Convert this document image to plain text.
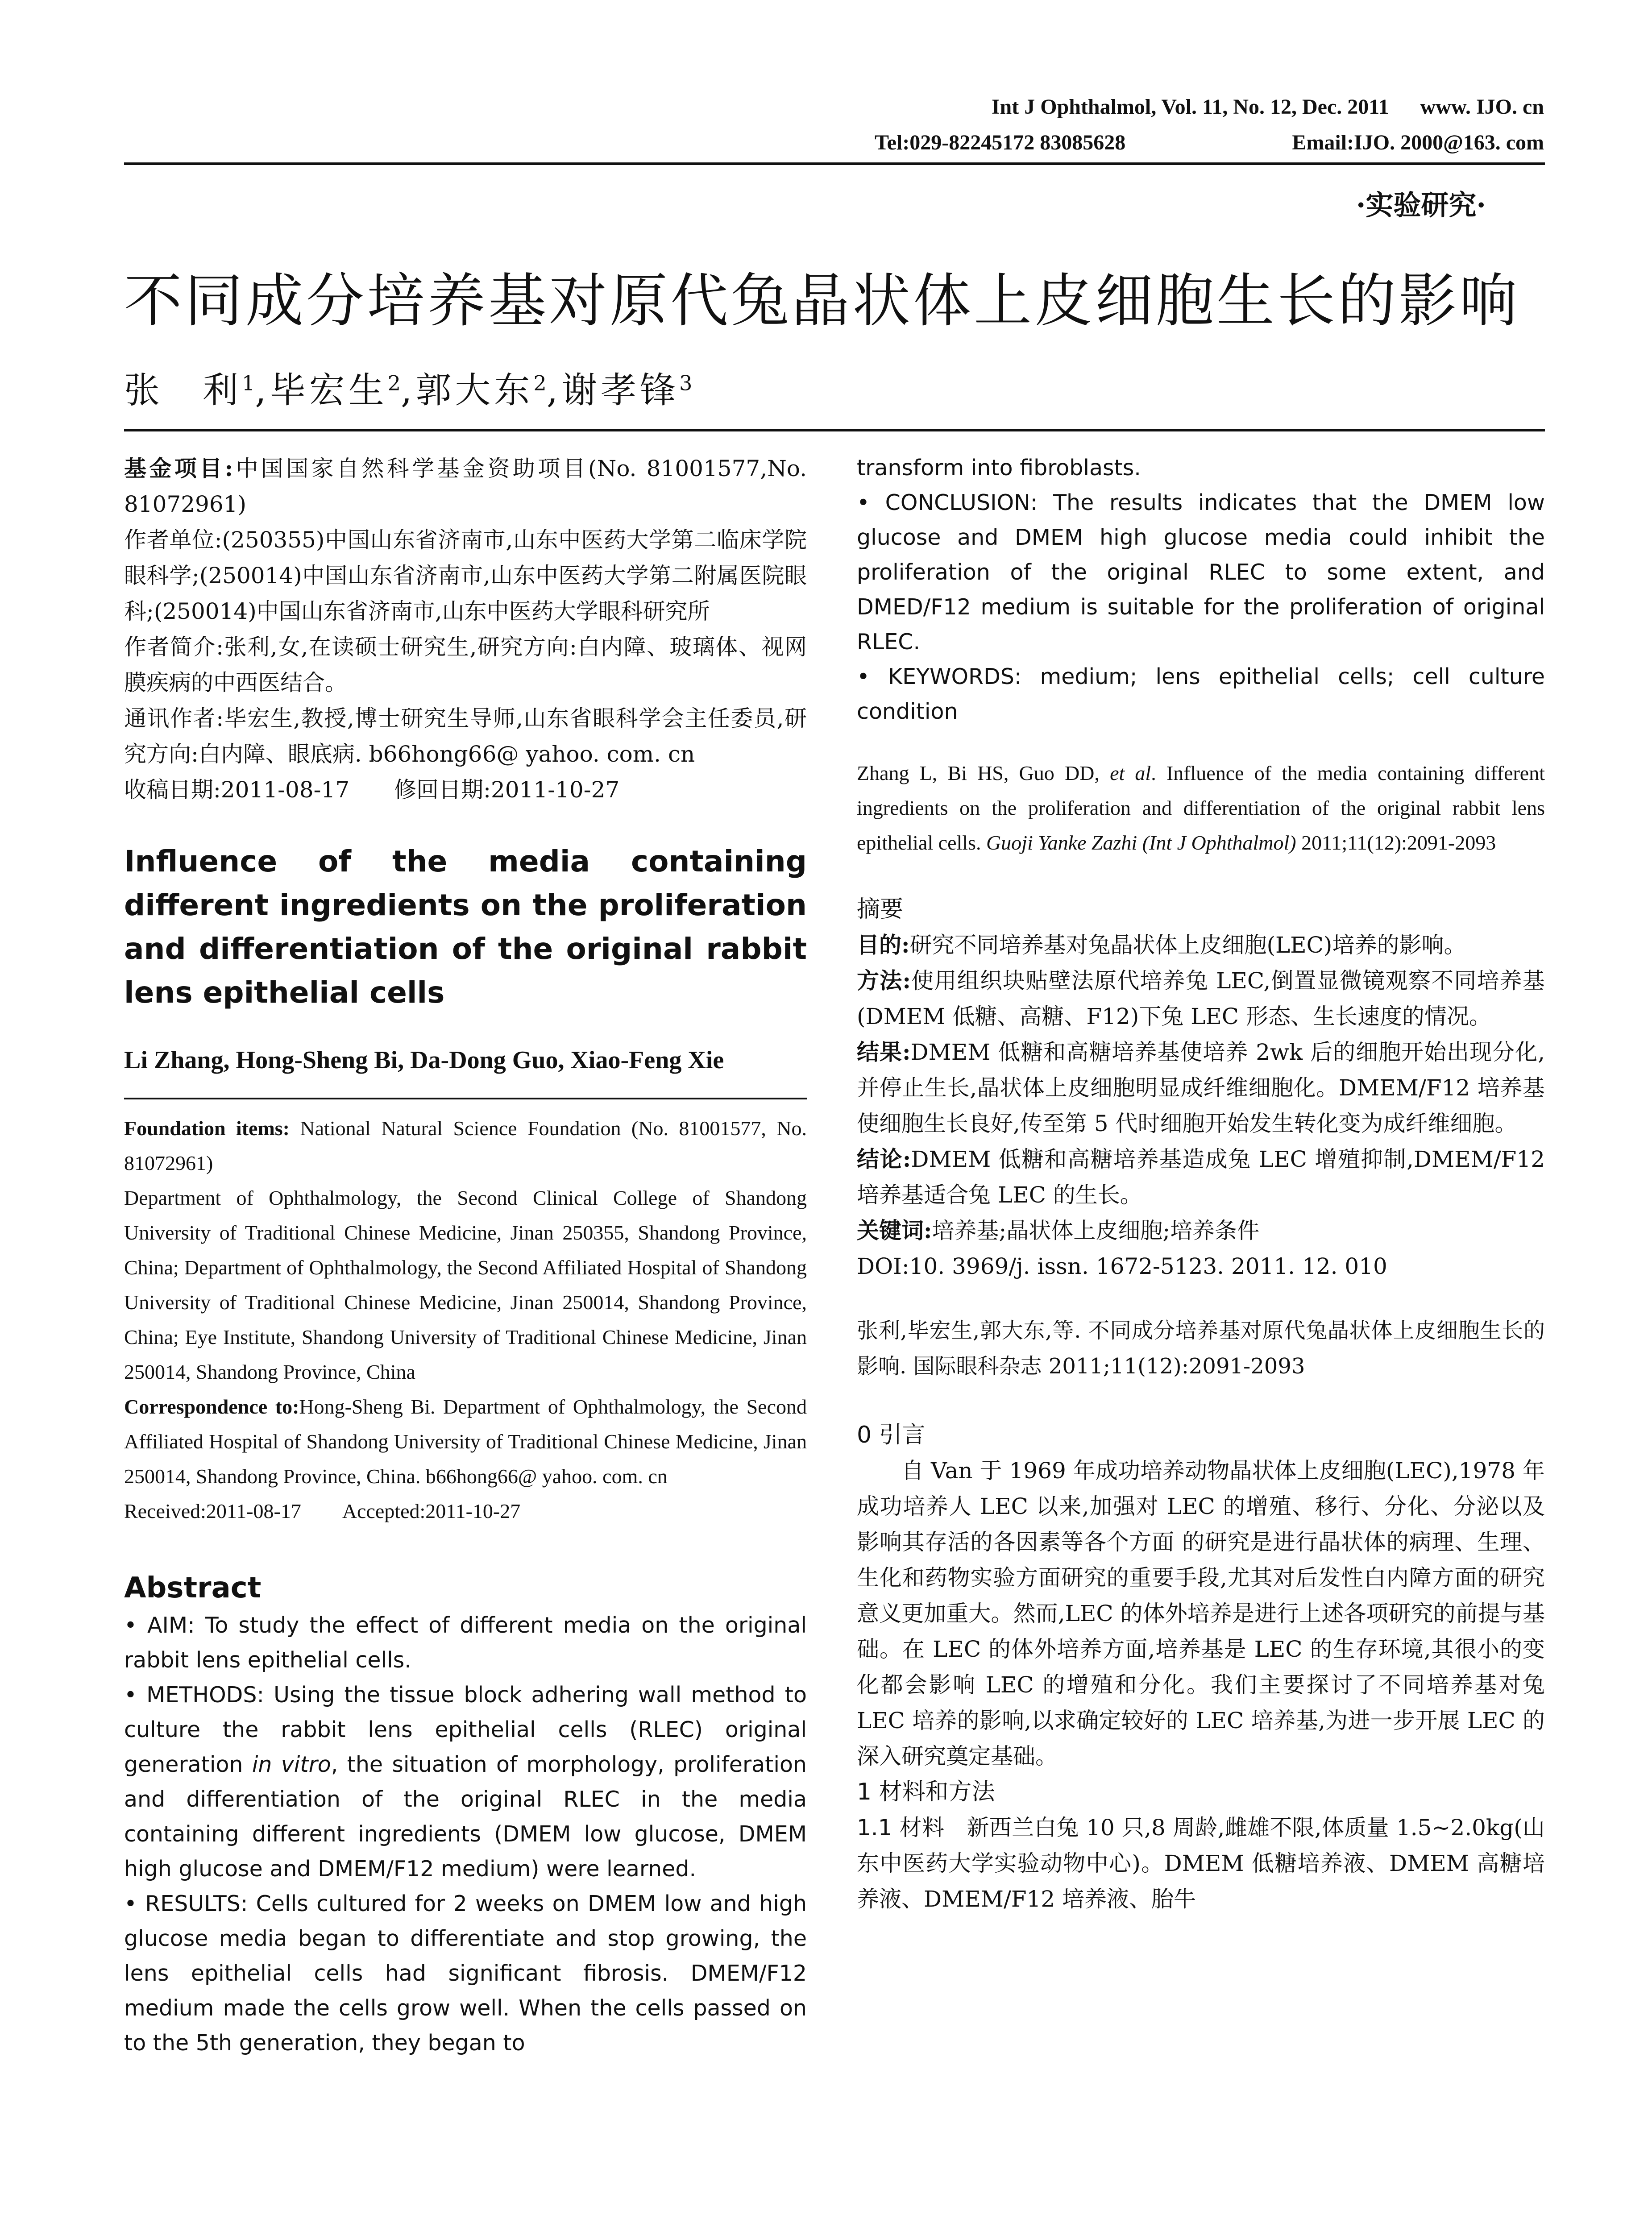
Int J Ophthalmol, Vol. 11, No. 12, Dec. 2011 www. IJO. cn
Tel:029-82245172 83085628	Email:IJO. 2000@163. com
·实验研究·
不同成分培养基对原代兔晶状体上皮细胞生长的影响
张　利$^1$,毕宏生$^2$,郭大东$^2$,谢孝锋$^3$

基金项目:中国国家自然科学基金资助项目(No. 81001577,No. 81072961)

作者单位:(250355)中国山东省济南市,山东中医药大学第二临床学院眼科学;(250014)中国山东省济南市,山东中医药大学第二附属医院眼科;(250014)中国山东省济南市,山东中医药大学眼科研究所

作者简介:张利,女,在读硕士研究生,研究方向:白内障、玻璃体、视网膜疾病的中西医结合。

通讯作者:毕宏生,教授,博士研究生导师,山东省眼科学会主任委员,研究方向:白内障、眼底病. b66hong66@ yahoo. com. cn

收稿日期:2011-08-17　　修回日期:2011-10-27

Influence of the media containing different ingredients on the proliferation and differentiation of the original rabbit lens epithelial cells
Li Zhang, Hong-Sheng Bi, Da-Dong Guo, Xiao-Feng Xie

Foundation items: National Natural Science Foundation (No. 81001577, No. 81072961)

Department of Ophthalmology, the Second Clinical College of Shandong University of Traditional Chinese Medicine, Jinan 250355, Shandong Province, China; Department of Ophthalmology, the Second Affiliated Hospital of Shandong University of Traditional Chinese Medicine, Jinan 250014, Shandong Province, China; Eye Institute, Shandong University of Traditional Chinese Medicine, Jinan 250014, Shandong Province, China

Correspondence to:Hong-Sheng Bi. Department of Ophthalmology, the Second Affiliated Hospital of Shandong University of Traditional Chinese Medicine, Jinan 250014, Shandong Province, China. b66hong66@ yahoo. com. cn

Received:2011-08-17　　Accepted:2011-10-27

Abstract

• AIM: To study the effect of different media on the original rabbit lens epithelial cells.

• METHODS: Using the tissue block adhering wall method to culture the rabbit lens epithelial cells (RLEC) original generation in vitro, the situation of morphology, proliferation and differentiation of the original RLEC in the media containing different ingredients (DMEM low glucose, DMEM high glucose and DMEM/F12 medium) were learned.

• RESULTS: Cells cultured for 2 weeks on DMEM low and high glucose media began to differentiate and stop growing, the lens epithelial cells had significant fibrosis. DMEM/F12 medium made the cells grow well. When the cells passed on to the 5th generation, they began to

transform into fibroblasts.

• CONCLUSION: The results indicates that the DMEM low glucose and DMEM high glucose media could inhibit the proliferation of the original RLEC to some extent, and DMED/F12 medium is suitable for the proliferation of original RLEC.

• KEYWORDS: medium; lens epithelial cells; cell culture condition

Zhang L, Bi HS, Guo DD, et al. Influence of the media containing different ingredients on the proliferation and differentiation of the original rabbit lens epithelial cells. Guoji Yanke Zazhi (Int J Ophthalmol) 2011;11(12):2091-2093

摘要

目的:研究不同培养基对兔晶状体上皮细胞(LEC)培养的影响。

方法:使用组织块贴壁法原代培养兔 LEC,倒置显微镜观察不同培养基(DMEM 低糖、高糖、F12)下兔 LEC 形态、生长速度的情况。

结果:DMEM 低糖和高糖培养基使培养 2wk 后的细胞开始出现分化,并停止生长,晶状体上皮细胞明显成纤维细胞化。DMEM/F12 培养基使细胞生长良好,传至第 5 代时细胞开始发生转化变为成纤维细胞。

结论:DMEM 低糖和高糖培养基造成兔 LEC 增殖抑制,DMEM/F12 培养基适合兔 LEC 的生长。

关键词:培养基;晶状体上皮细胞;培养条件

DOI:10. 3969/j. issn. 1672-5123. 2011. 12. 010

张利,毕宏生,郭大东,等. 不同成分培养基对原代兔晶状体上皮细胞生长的影响. 国际眼科杂志 2011;11(12):2091-2093

0 引言

自 Van 于 1969 年成功培养动物晶状体上皮细胞(LEC),1978 年成功培养人 LEC 以来,加强对 LEC 的增殖、移行、分化、分泌以及影响其存活的各因素等各个方面 的研究是进行晶状体的病理、生理、生化和药物实验方面研究的重要手段,尤其对后发性白内障方面的研究意义更加重大。然而,LEC 的体外培养是进行上述各项研究的前提与基础。在 LEC 的体外培养方面,培养基是 LEC 的生存环境,其很小的变化都会影响 LEC 的增殖和分化。我们主要探讨了不同培养基对兔 LEC 培养的影响,以求确定较好的 LEC 培养基,为进一步开展 LEC 的深入研究奠定基础。

1 材料和方法

1.1 材料　新西兰白兔 10 只,8 周龄,雌雄不限,体质量 1.5~2.0kg(山东中医药大学实验动物中心)。DMEM 低糖培养液、DMEM 高糖培养液、DMEM/F12 培养液、胎牛
